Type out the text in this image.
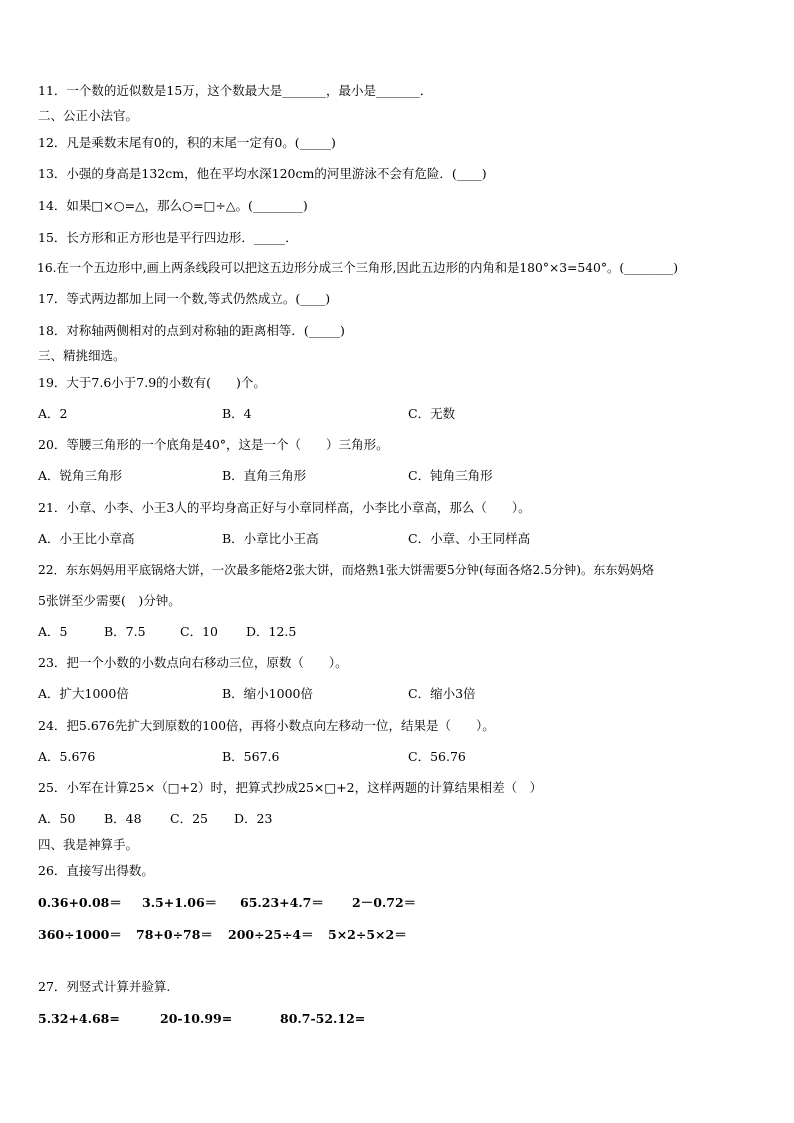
11．一个数的近似数是15万，这个数最大是_______，最小是_______．
二、公正小法官。
12．凡是乘数末尾有0的，积的末尾一定有0。(_____)
13．小强的身高是132cm，他在平均水深120cm的河里游泳不会有危险．(____)
14．如果□×○=△，那么○=□÷△。(________)
15．长方形和正方形也是平行四边形．_____．
16.在一个五边形中,画上两条线段可以把这五边形分成三个三角形,因此五边形的内角和是180°×3=540°。(________)
17．等式两边都加上同一个数,等式仍然成立。(____)
18．对称轴两侧相对的点到对称轴的距离相等．(_____)
三、精挑细选。
19．大于7.6小于7.9的小数有(　　)个。
A．2	B．4	C．无数
20．等腰三角形的一个底角是40°，这是一个（　　）三角形。
A．锐角三角形	B．直角三角形	C．钝角三角形
21．小章、小李、小王3人的平均身高正好与小章同样高，小李比小章高，那么（　　）。
A．小王比小章高	B．小章比小王高	C．小章、小王同样高
22．东东妈妈用平底锅烙大饼，一次最多能烙2张大饼，而烙熟1张大饼需要5分钟(每面各烙2.5分钟)。东东妈妈烙
5张饼至少需要(　)分钟。
A．5	B．7.5	C．10 D．12.5
23．把一个小数的小数点向右移动三位，原数（　　）。
A．扩大1000倍	B．缩小1000倍	C．缩小3倍
24．把5.676先扩大到原数的100倍，再将小数点向左移动一位，结果是（　　）。
A．5.676	B．567.6	C．56.76
25．小军在计算25×（□+2）时，把算式抄成25×□+2，这样两题的计算结果相差（　）
A．50 B．48 C．25 D．23
四、我是神算手。
26．直接写出得数。
0.36+0.08＝ 3.5+1.06＝ 65.23+4.7＝ 2－0.72＝
360÷1000＝ 78+0÷78＝ 200÷25÷4＝ 5×2÷5×2＝
27．列竖式计算并验算.
5.32+4.68=	20-10.99=	80.7-52.12=
